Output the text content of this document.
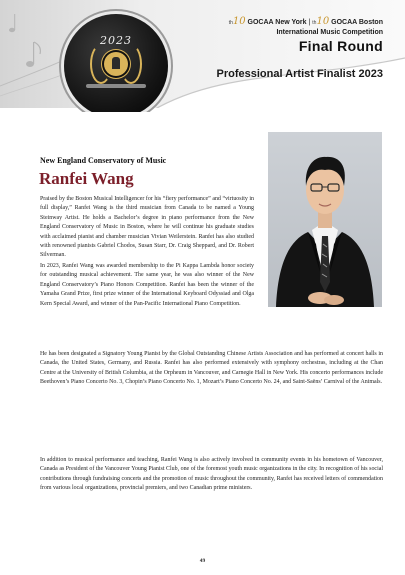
2023
th10 GOCAA New York | th10 GOCAA Boston
International Music Competition
Final Round
Professional Artist Finalist 2023
New England Conservatory of Music
Ranfei Wang

Praised by the Boston Musical Intelligencer for his “fiery performance” and “virtuosity in full display,” Ranfei Wang is the third musician from Canada to be named a Young Steinway Artist. He holds a Bachelor’s degree in piano performance from the New England Conservatory of Music in Boston, where he will continue his graduate studies with acclaimed pianist and chamber musician Vivian Weilerstein. Ranfei has also studied with renowned pianists Gabriel Chodos, Susan Starr, Dr. Craig Sheppard, and Dr. Robert Silverman.

In 2023, Ranfei Wang was awarded membership to the Pi Kappa Lambda honor society for outstanding musical achievement. The same year, he was also winner of the New England Conservatory’s Piano Honors Competition. Ranfei has been the winner of the Yamaha Grand Prize, first prize winner of the International Keyboard Odyssiad and Olga Kern Special Award, and winner of the Pan-Pacific International Piano Competition.

He has been designated a Signatory Young Pianist by the Global Outstanding Chinese Artists Association and has performed at concert halls in Canada, the United States, Germany, and Russia. Ranfei has also performed extensively with symphony orchestras, including at the Chan Centre at the University of British Columbia, at the Orpheum in Vancouver, and Carnegie Hall in New York. His concerto performances include Beethoven’s Piano Concerto No. 3, Chopin’s Piano Concerto No. 1, Mozart’s Piano Concerto No. 24, and Saint-Saëns’ Carnival of the Animals.

In addition to musical performance and teaching, Ranfei Wang is also actively involved in community events in his hometown of Vancouver, Canada as President of the Vancouver Young Pianist Club, one of the foremost youth music organizations in the city. In recognition of his social contributions through fundraising concerts and the promotion of music throughout the community, Ranfei has received letters of commendation from various local organizations, provincial premiers, and two Canadian prime ministers.

49
